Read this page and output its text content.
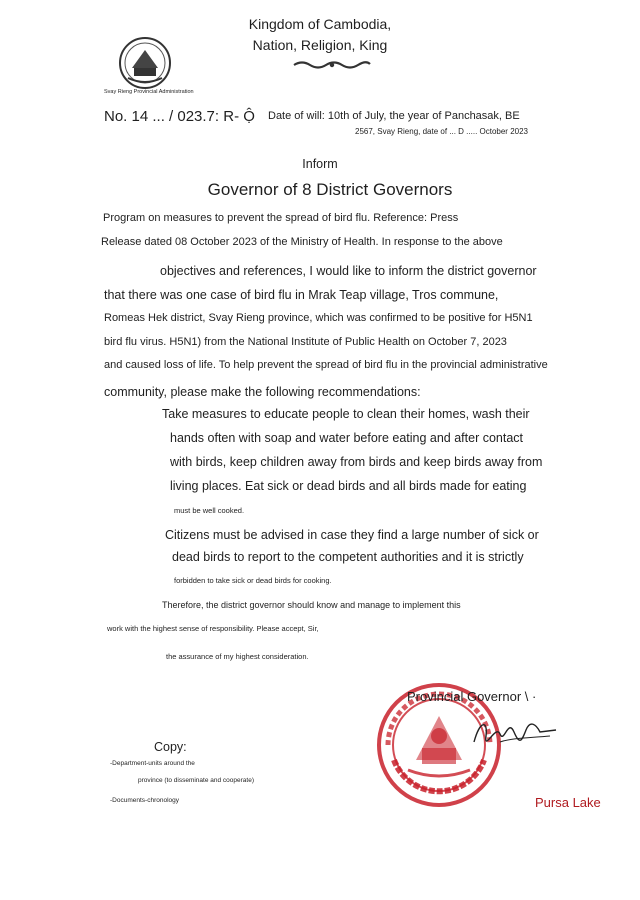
Kingdom of Cambodia,
Nation, Religion, King
Svay Rieng Provincial Administration
No. 14 ... / 023.7: R- Ộ Date of will: 10th of July, the year of Panchasak, BE
2567, Svay Rieng, date of ... D ..... October 2023
Inform
Governor of 8 District Governors
Program on measures to prevent the spread of bird flu. Reference: Press
Release dated 08 October 2023 of the Ministry of Health. In response to the above
objectives and references, I would like to inform the district governor
that there was one case of bird flu in Mrak Teap village, Tros commune,
Romeas Hek district, Svay Rieng province, which was confirmed to be positive for H5N1
bird flu virus. H5N1) from the National Institute of Public Health on October 7, 2023
and caused loss of life. To help prevent the spread of bird flu in the provincial administrative
community, please make the following recommendations:
Take measures to educate people to clean their homes, wash their
hands often with soap and water before eating and after contact
with birds, keep children away from birds and keep birds away from
living places. Eat sick or dead birds and all birds made for eating
must be well cooked.
Citizens must be advised in case they find a large number of sick or
dead birds to report to the competent authorities and it is strictly
forbidden to take sick or dead birds for cooking.
Therefore, the district governor should know and manage to implement this
work with the highest sense of responsibility. Please accept, Sir,
the assurance of my highest consideration.
Copy:
-Department-units around the
province (to disseminate and cooperate)
-Documents-chronology
Provincial Governor \ ·
Pursa Lake
